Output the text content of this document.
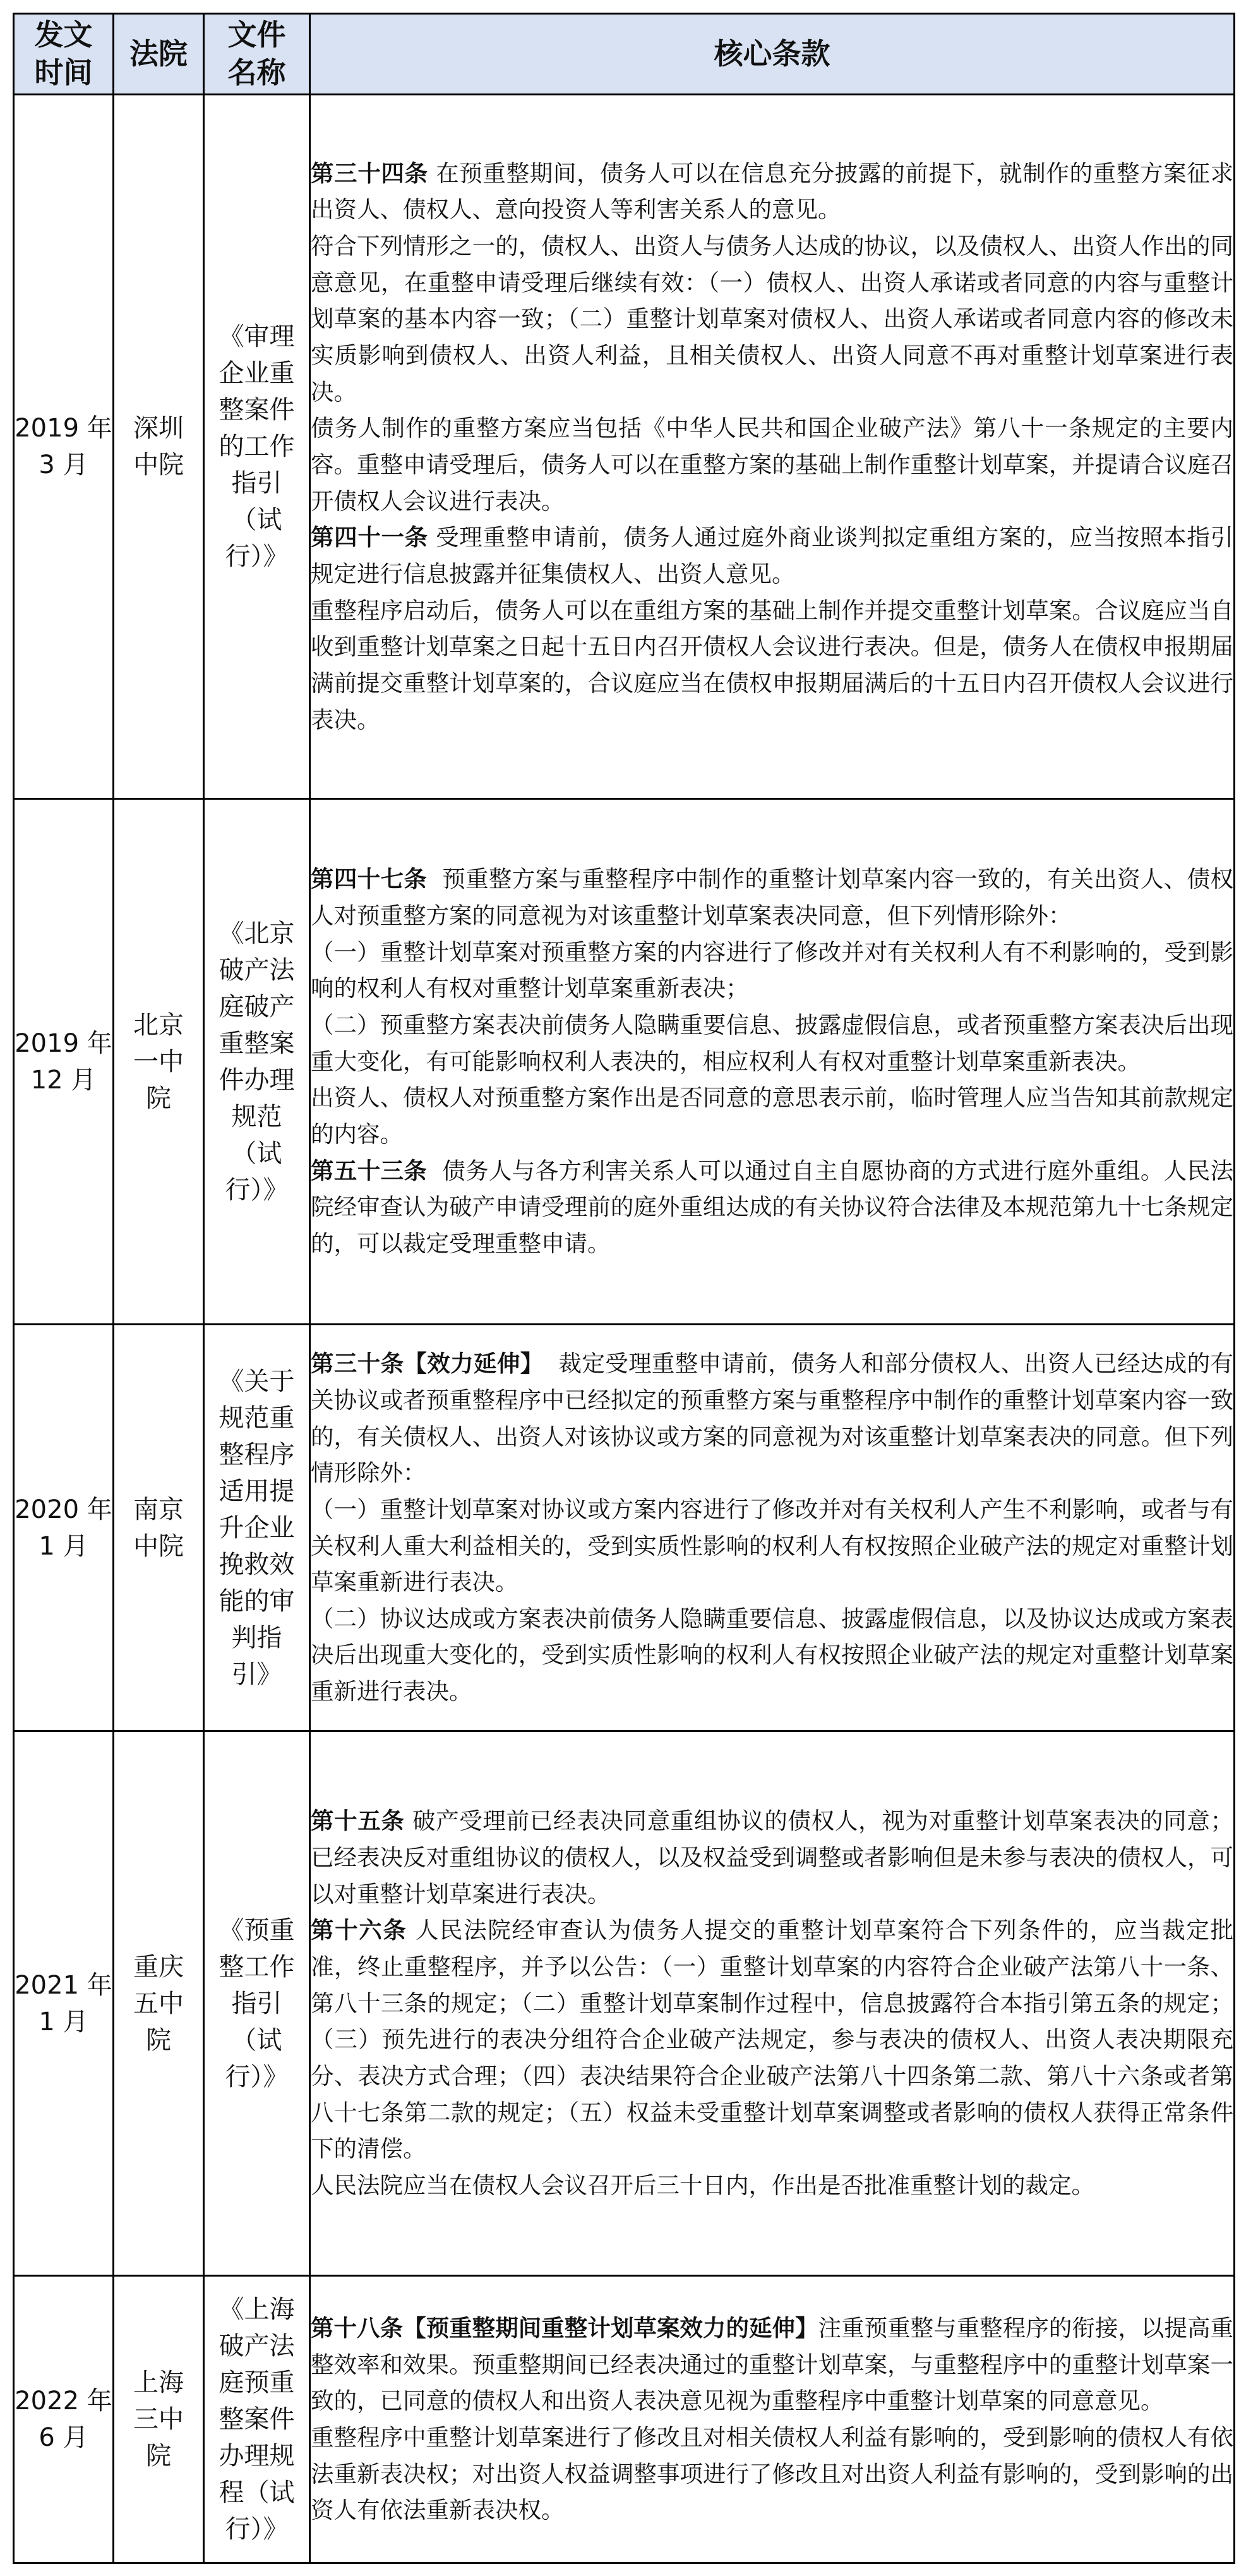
发文时间	法院	文件名称	核心条款
2019 年 3 月	深圳中院	《审理企业重整案件的工作指引（试行）》	第三十四条 在预重整期间，债务人可以在信息充分披露的前提下，就制作的重整方案征求出资人、债权人、意向投资人等利害关系人的意见。

符合下列情形之一的，债权人、出资人与债务人达成的协议，以及债权人、出资人作出的同意意见，在重整申请受理后继续有效：（一）债权人、出资人承诺或者同意的内容与重整计划草案的基本内容一致；（二）重整计划草案对债权人、出资人承诺或者同意内容的修改未实质影响到债权人、出资人利益，且相关债权人、出资人同意不再对重整计划草案进行表决。

债务人制作的重整方案应当包括《中华人民共和国企业破产法》第八十一条规定的主要内容。重整申请受理后，债务人可以在重整方案的基础上制作重整计划草案，并提请合议庭召开债权人会议进行表决。

第四十一条 受理重整申请前，债务人通过庭外商业谈判拟定重组方案的，应当按照本指引规定进行信息披露并征集债权人、出资人意见。

重整程序启动后，债务人可以在重组方案的基础上制作并提交重整计划草案。合议庭应当自收到重整计划草案之日起十五日内召开债权人会议进行表决。但是，债务人在债权申报期届满前提交重整计划草案的，合议庭应当在债权申报期届满后的十五日内召开债权人会议进行表决。

2019 年 12 月	北京一中院	《北京破产法庭破产重整案件办理规范（试行）》	第四十七条 预重整方案与重整程序中制作的重整计划草案内容一致的，有关出资人、债权人对预重整方案的同意视为对该重整计划草案表决同意，但下列情形除外：

（一）重整计划草案对预重整方案的内容进行了修改并对有关权利人有不利影响的，受到影响的权利人有权对重整计划草案重新表决；

（二）预重整方案表决前债务人隐瞒重要信息、披露虚假信息，或者预重整方案表决后出现重大变化，有可能影响权利人表决的，相应权利人有权对重整计划草案重新表决。

出资人、债权人对预重整方案作出是否同意的意思表示前，临时管理人应当告知其前款规定的内容。

第五十三条 债务人与各方利害关系人可以通过自主自愿协商的方式进行庭外重组。人民法院经审查认为破产申请受理前的庭外重组达成的有关协议符合法律及本规范第九十七条规定的，可以裁定受理重整申请。

2020 年 1 月	南京中院	《关于规范重整程序适用提升企业挽救效能的审判指引》	第三十条【效力延伸】 裁定受理重整申请前，债务人和部分债权人、出资人已经达成的有关协议或者预重整程序中已经拟定的预重整方案与重整程序中制作的重整计划草案内容一致的，有关债权人、出资人对该协议或方案的同意视为对该重整计划草案表决的同意。但下列情形除外：

（一）重整计划草案对协议或方案内容进行了修改并对有关权利人产生不利影响，或者与有关权利人重大利益相关的，受到实质性影响的权利人有权按照企业破产法的规定对重整计划草案重新进行表决。

（二）协议达成或方案表决前债务人隐瞒重要信息、披露虚假信息，以及协议达成或方案表决后出现重大变化的，受到实质性影响的权利人有权按照企业破产法的规定对重整计划草案重新进行表决。

2021 年 1 月	重庆五中院	《预重整工作指引（试行）》	第十五条 破产受理前已经表决同意重组协议的债权人，视为对重整计划草案表决的同意；已经表决反对重组协议的债权人，以及权益受到调整或者影响但是未参与表决的债权人，可以对重整计划草案进行表决。

第十六条 人民法院经审查认为债务人提交的重整计划草案符合下列条件的，应当裁定批准，终止重整程序，并予以公告：（一）重整计划草案的内容符合企业破产法第八十一条、第八十三条的规定；（二）重整计划草案制作过程中，信息披露符合本指引第五条的规定；（三）预先进行的表决分组符合企业破产法规定，参与表决的债权人、出资人表决期限充分、表决方式合理；（四）表决结果符合企业破产法第八十四条第二款、第八十六条或者第八十七条第二款的规定；（五）权益未受重整计划草案调整或者影响的债权人获得正常条件下的清偿。

人民法院应当在债权人会议召开后三十日内，作出是否批准重整计划的裁定。

2022 年 6 月	上海三中院	《上海破产法庭预重整案件办理规程（试行）》	第十八条【预重整期间重整计划草案效力的延伸】注重预重整与重整程序的衔接，以提高重整效率和效果。预重整期间已经表决通过的重整计划草案，与重整程序中的重整计划草案一致的，已同意的债权人和出资人表决意见视为重整程序中重整计划草案的同意意见。

重整程序中重整计划草案进行了修改且对相关债权人利益有影响的，受到影响的债权人有依法重新表决权；对出资人权益调整事项进行了修改且对出资人利益有影响的，受到影响的出资人有依法重新表决权。
